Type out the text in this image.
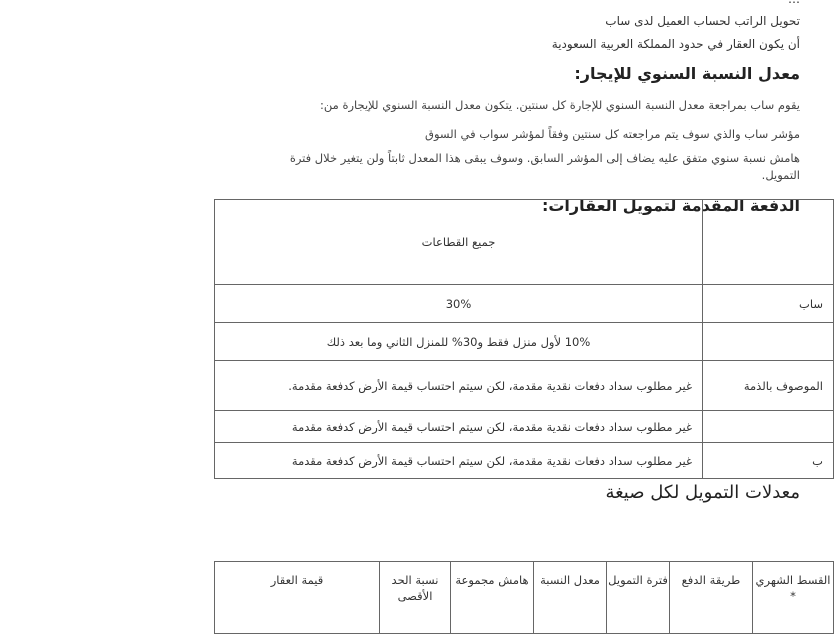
تحويل الراتب لحساب العميل لدى ساب
أن يكون العقار في حدود المملكة العربية السعودية
معدل النسبة السنوي للإيجار:
يقوم ساب بمراجعة معدل النسبة السنوي للإجارة كل سنتين. يتكون معدل النسبة السنوي للإيجارة من:
مؤشر ساب والذي سوف يتم مراجعته كل سنتين وفقاً لمؤشر سواب في السوق
هامش نسبة سنوي متفق عليه يضاف إلى المؤشر السابق. وسوف يبقى هذا المعدل ثابتاً ولن يتغير خلال فترة
التمويل.
الدفعة المقدمة لتمويل العقارات:
	جميع القطاعات
ساب	30%
	10% لأول منزل فقط و30% للمنزل الثاني وما بعد ذلك
الموصوف بالذمة	غير مطلوب سداد دفعات نقدية مقدمة، لكن سيتم احتساب قيمة الأرض كدفعة مقدمة.
	غير مطلوب سداد دفعات نقدية مقدمة، لكن سيتم احتساب قيمة الأرض كدفعة مقدمة
ب	غير مطلوب سداد دفعات نقدية مقدمة، لكن سيتم احتساب قيمة الأرض كدفعة مقدمة
معدلات التمويل لكل صيغة
القسط الشهري *	طريقة الدفع	فترة التمويل	معدل النسبة	هامش مجموعة	نسبة الحد الأقصى	قيمة العقار
